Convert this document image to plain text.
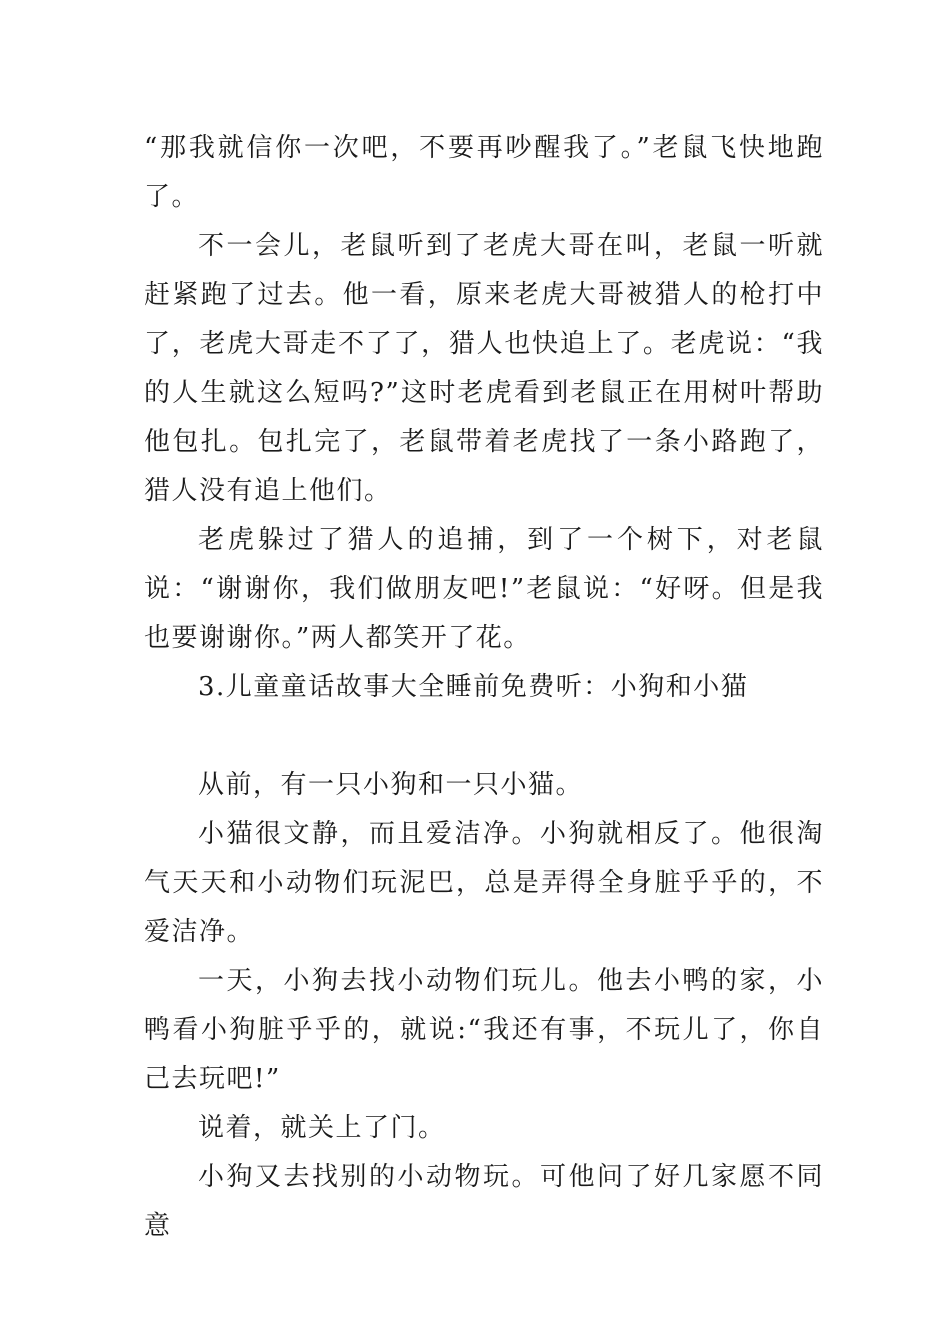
“那我就信你一次吧，不要再吵醒我了。”老鼠飞快地跑了。

不一会儿，老鼠听到了老虎大哥在叫，老鼠一听就赶紧跑了过去。他一看，原来老虎大哥被猎人的枪打中了，老虎大哥走不了了，猎人也快追上了。老虎说：“我的人生就这么短吗?”这时老虎看到老鼠正在用树叶帮助他包扎。包扎完了，老鼠带着老虎找了一条小路跑了，猎人没有追上他们。

老虎躲过了猎人的追捕，到了一个树下，对老鼠说：“谢谢你，我们做朋友吧!”老鼠说：“好呀。但是我也要谢谢你。”两人都笑开了花。

3.儿童童话故事大全睡前免费听：小狗和小猫

从前，有一只小狗和一只小猫。

小猫很文静，而且爱洁净。小狗就相反了。他很淘气天天和小动物们玩泥巴，总是弄得全身脏乎乎的，不爱洁净。

一天，小狗去找小动物们玩儿。他去小鸭的家，小鸭看小狗脏乎乎的，就说:“我还有事，不玩儿了，你自己去玩吧!”

说着，就关上了门。

小狗又去找别的小动物玩。可他问了好几家愿不同意
